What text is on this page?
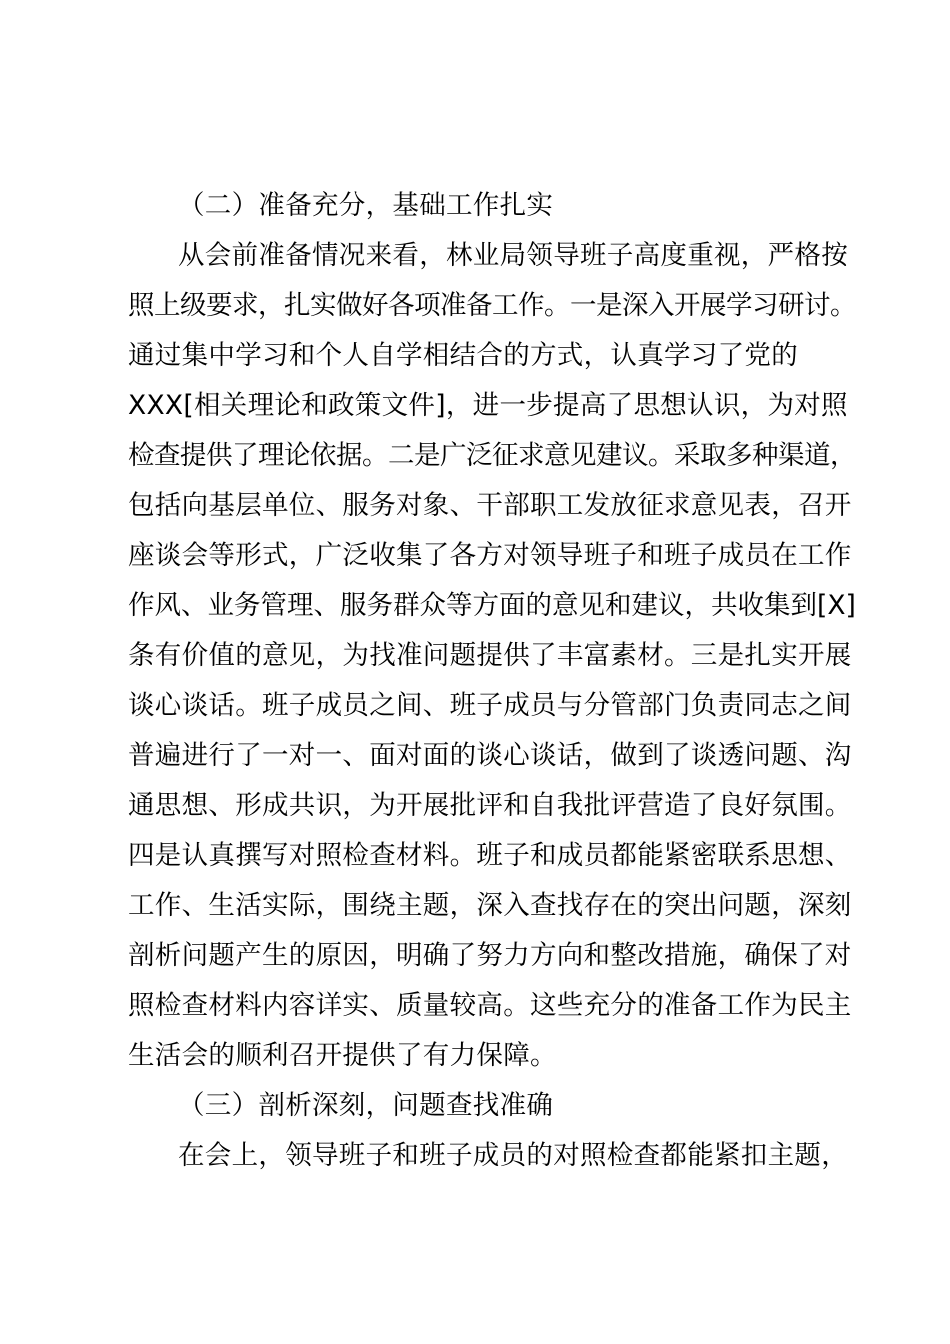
（二）准备充分，基础工作扎实
从会前准备情况来看，林业局领导班子高度重视，严格按
照上级要求，扎实做好各项准备工作。一是深入开展学习研讨。
通过集中学习和个人自学相结合的方式，认真学习了党的
XXX[相关理论和政策文件]，进一步提高了思想认识，为对照
检查提供了理论依据。二是广泛征求意见建议。采取多种渠道，
包括向基层单位、服务对象、干部职工发放征求意见表，召开
座谈会等形式，广泛收集了各方对领导班子和班子成员在工作
作风、业务管理、服务群众等方面的意见和建议，共收集到[X]
条有价值的意见，为找准问题提供了丰富素材。三是扎实开展
谈心谈话。班子成员之间、班子成员与分管部门负责同志之间
普遍进行了一对一、面对面的谈心谈话，做到了谈透问题、沟
通思想、形成共识，为开展批评和自我批评营造了良好氛围。
四是认真撰写对照检查材料。班子和成员都能紧密联系思想、
工作、生活实际，围绕主题，深入查找存在的突出问题，深刻
剖析问题产生的原因，明确了努力方向和整改措施，确保了对
照检查材料内容详实、质量较高。这些充分的准备工作为民主
生活会的顺利召开提供了有力保障。
（三）剖析深刻，问题查找准确
在会上，领导班子和班子成员的对照检查都能紧扣主题，
